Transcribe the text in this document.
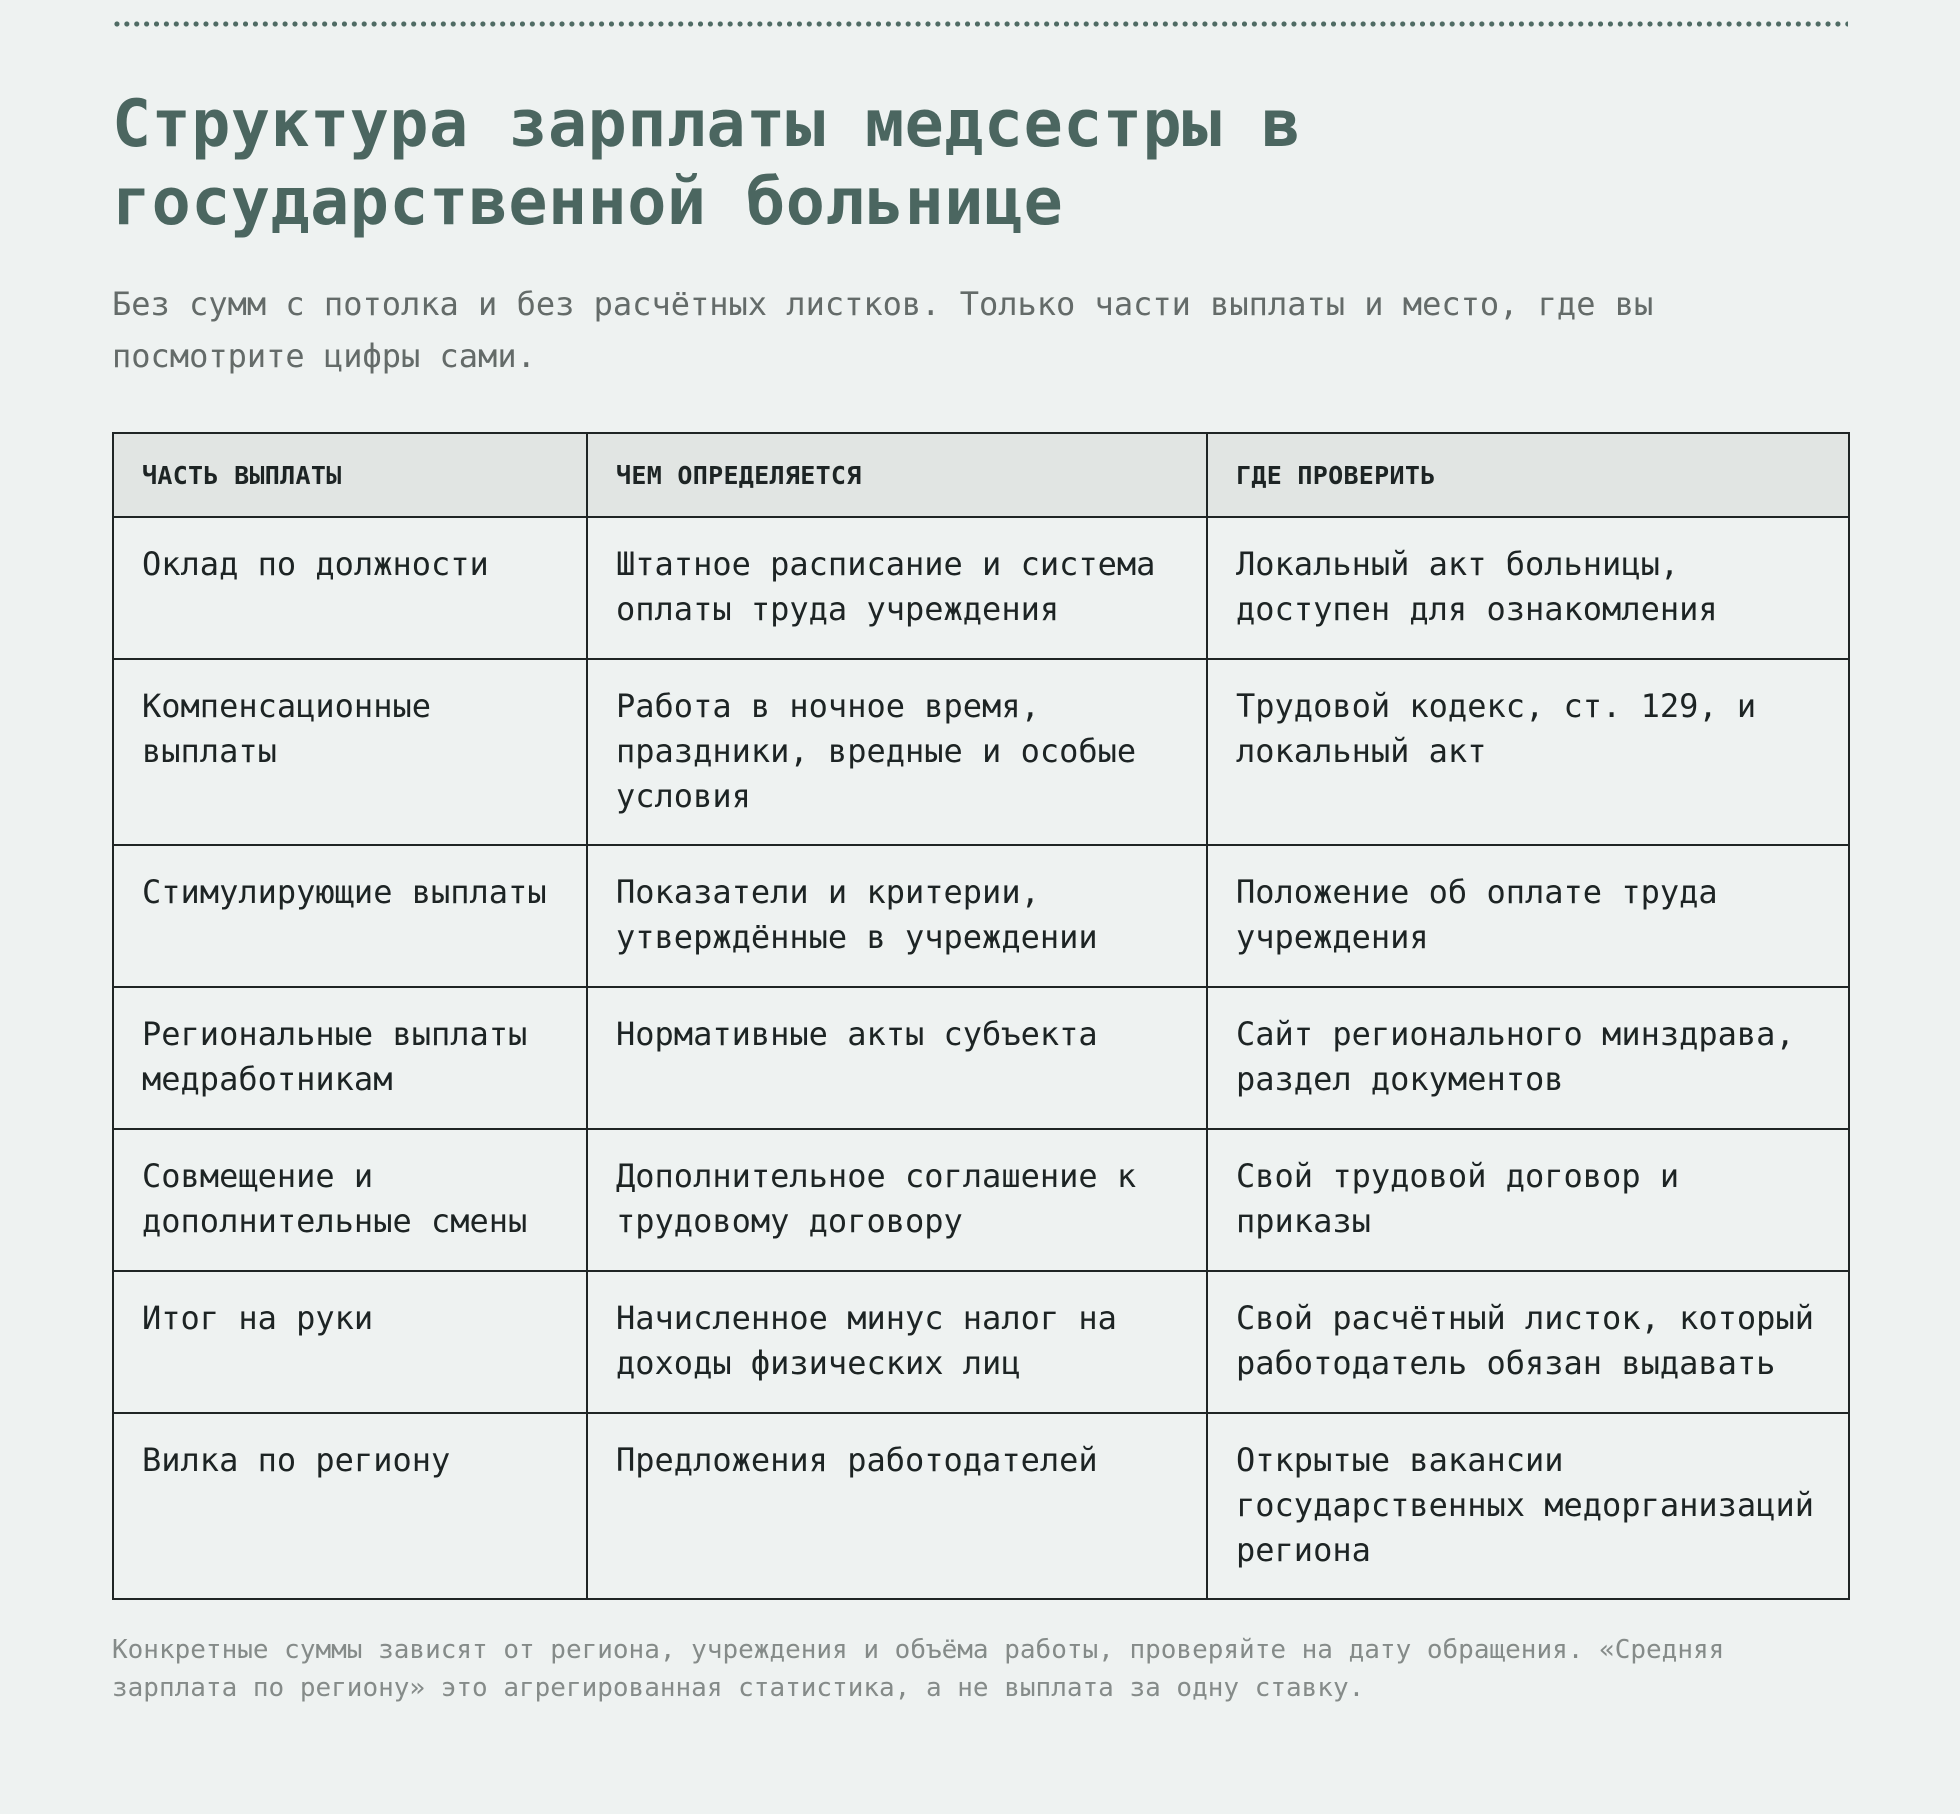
Структура зарплаты медсестры в государственной больнице

Без сумм с потолка и без расчётных листков. Только части выплаты и место, где вы посмотрите цифры сами.

ЧАСТЬ ВЫПЛАТЫ	ЧЕМ ОПРЕДЕЛЯЕТСЯ	ГДЕ ПРОВЕРИТЬ
Оклад по должности	Штатное расписание и система оплаты труда учреждения	Локальный акт больницы, доступен для ознакомления
Компенсационные выплаты	Работа в ночное время, праздники, вредные и особые условия	Трудовой кодекс, ст. 129, и локальный акт
Стимулирующие выплаты	Показатели и критерии, утверждённые в учреждении	Положение об оплате труда учреждения
Региональные выплаты медработникам	Нормативные акты субъекта	Сайт регионального минздрава, раздел документов
Совмещение и дополнительные смены	Дополнительное соглашение к трудовому договору	Свой трудовой договор и приказы
Итог на руки	Начисленное минус налог на доходы физических лиц	Свой расчётный листок, который работодатель обязан выдавать
Вилка по региону	Предложения работодателей	Открытые вакансии государственных медорганизаций региона

Конкретные суммы зависят от региона, учреждения и объёма работы, проверяйте на дату обращения. «Средняя зарплата по региону» это агрегированная статистика, а не выплата за одну ставку.
